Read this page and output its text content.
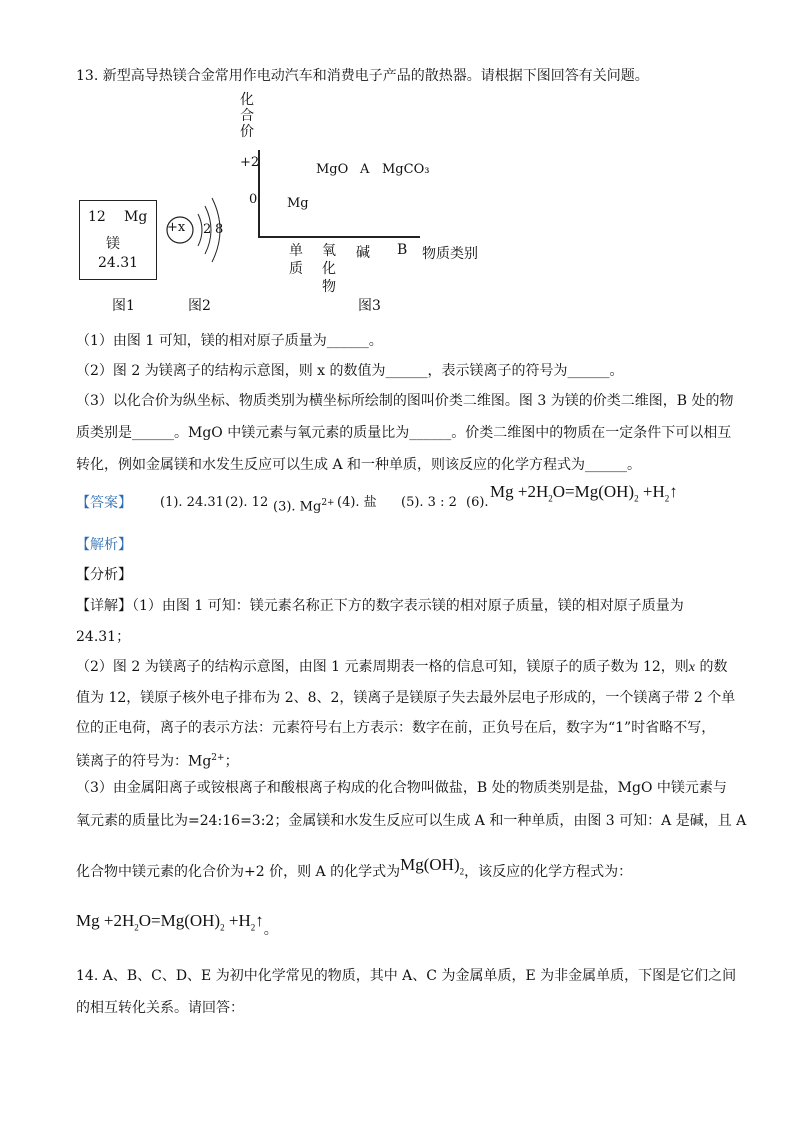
13. 新型高导热镁合金常用作电动汽车和消费电子产品的散热器。请根据下图回答有关问题。
12 Mg
镁
24.31
图1
+x 2 8
图2
化
合
价
+2
0
MgO A MgCO₃
Mg
单
质
氧
化
物
碱 B 物质类别
图3
（1）由图 1 可知，镁的相对原子质量为______。
（2）图 2 为镁离子的结构示意图，则 x 的数值为______，表示镁离子的符号为______。
（3）以化合价为纵坐标、物质类别为横坐标所绘制的图叫价类二维图。图 3 为镁的价类二维图，B 处的物
质类别是______。MgO 中镁元素与氧元素的质量比为______。价类二维图中的物质在一定条件下可以相互
转化，例如金属镁和水发生反应可以生成 A 和一种单质，则该反应的化学方程式为______。
【答案】 (1). 24.31 (2). 12 (3). $Mg^{2+}$ (4). 盐 (5). 3 : 2 (6).
$Mg +2H_2O=Mg(OH)_2$ $+H_2↑$
【解析】
【分析】
【详解】（1）由图 1 可知：镁元素名称正下方的数字表示镁的相对原子质量，镁的相对原子质量为
24.31；
（2）图 2 为镁离子的结构示意图，由图 1 元素周期表一格的信息可知，镁原子的质子数为 12，则x 的数
值为 12，镁原子核外电子排布为 2、8、2，镁离子是镁原子失去最外层电子形成的，一个镁离子带 2 个单
位的正电荷，离子的表示方法：元素符号右上方表示：数字在前，正负号在后，数字为“1”时省略不写，
镁离子的符号为：$Mg^{2+}$；
（3）由金属阳离子或铵根离子和酸根离子构成的化合物叫做盐，B 处的物质类别是盐，MgO 中镁元素与
氧元素的质量比为=24:16=3:2；金属镁和水发生反应可以生成 A 和一种单质，由图 3 可知：A 是碱，且 A
化合物中镁元素的化合价为+2 价，则 A 的化学式为$Mg(OH)_2$，该反应的化学方程式为：
$Mg +2H_2O=Mg(OH)_2$ $+H_2↑_。$
14. A、B、C、D、E 为初中化学常见的物质，其中 A、C 为金属单质，E 为非金属单质，下图是它们之间
的相互转化关系。请回答：
